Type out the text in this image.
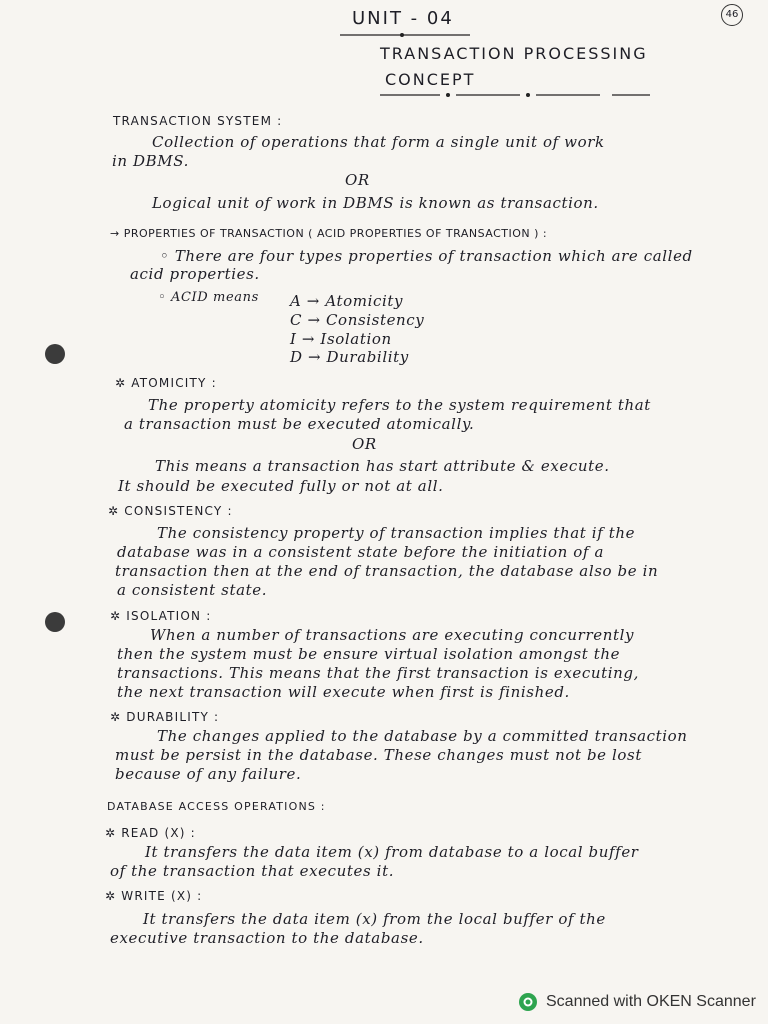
46
UNIT - 04
TRANSACTION PROCESSING
CONCEPT
TRANSACTION SYSTEM :
Collection of operations that form a single unit of work
in DBMS.
OR
Logical unit of work in DBMS is known as transaction.
→ PROPERTIES OF TRANSACTION ( ACID PROPERTIES OF TRANSACTION ) :
◦ There are four types properties of transaction which are called
acid properties.
◦ ACID means A → Atomicity
C → Consistency
I → Isolation
D → Durability
✲ ATOMICITY :
The property atomicity refers to the system requirement that
a transaction must be executed atomically.
OR
This means a transaction has start attribute & execute.
It should be executed fully or not at all.
✲ CONSISTENCY :
The consistency property of transaction implies that if the
database was in a consistent state before the initiation of a
transaction then at the end of transaction, the database also be in
a consistent state.
✲ ISOLATION :
When a number of transactions are executing concurrently
then the system must be ensure virtual isolation amongst the
transactions. This means that the first transaction is executing,
the next transaction will execute when first is finished.
✲ DURABILITY :
The changes applied to the database by a committed transaction
must be persist in the database. These changes must not be lost
because of any failure.
DATABASE ACCESS OPERATIONS :
✲ READ (X) :
It transfers the data item (x) from database to a local buffer
of the transaction that executes it.
✲ WRITE (X) :
It transfers the data item (x) from the local buffer of the
executive transaction to the database.
Scanned with OKEN Scanner
